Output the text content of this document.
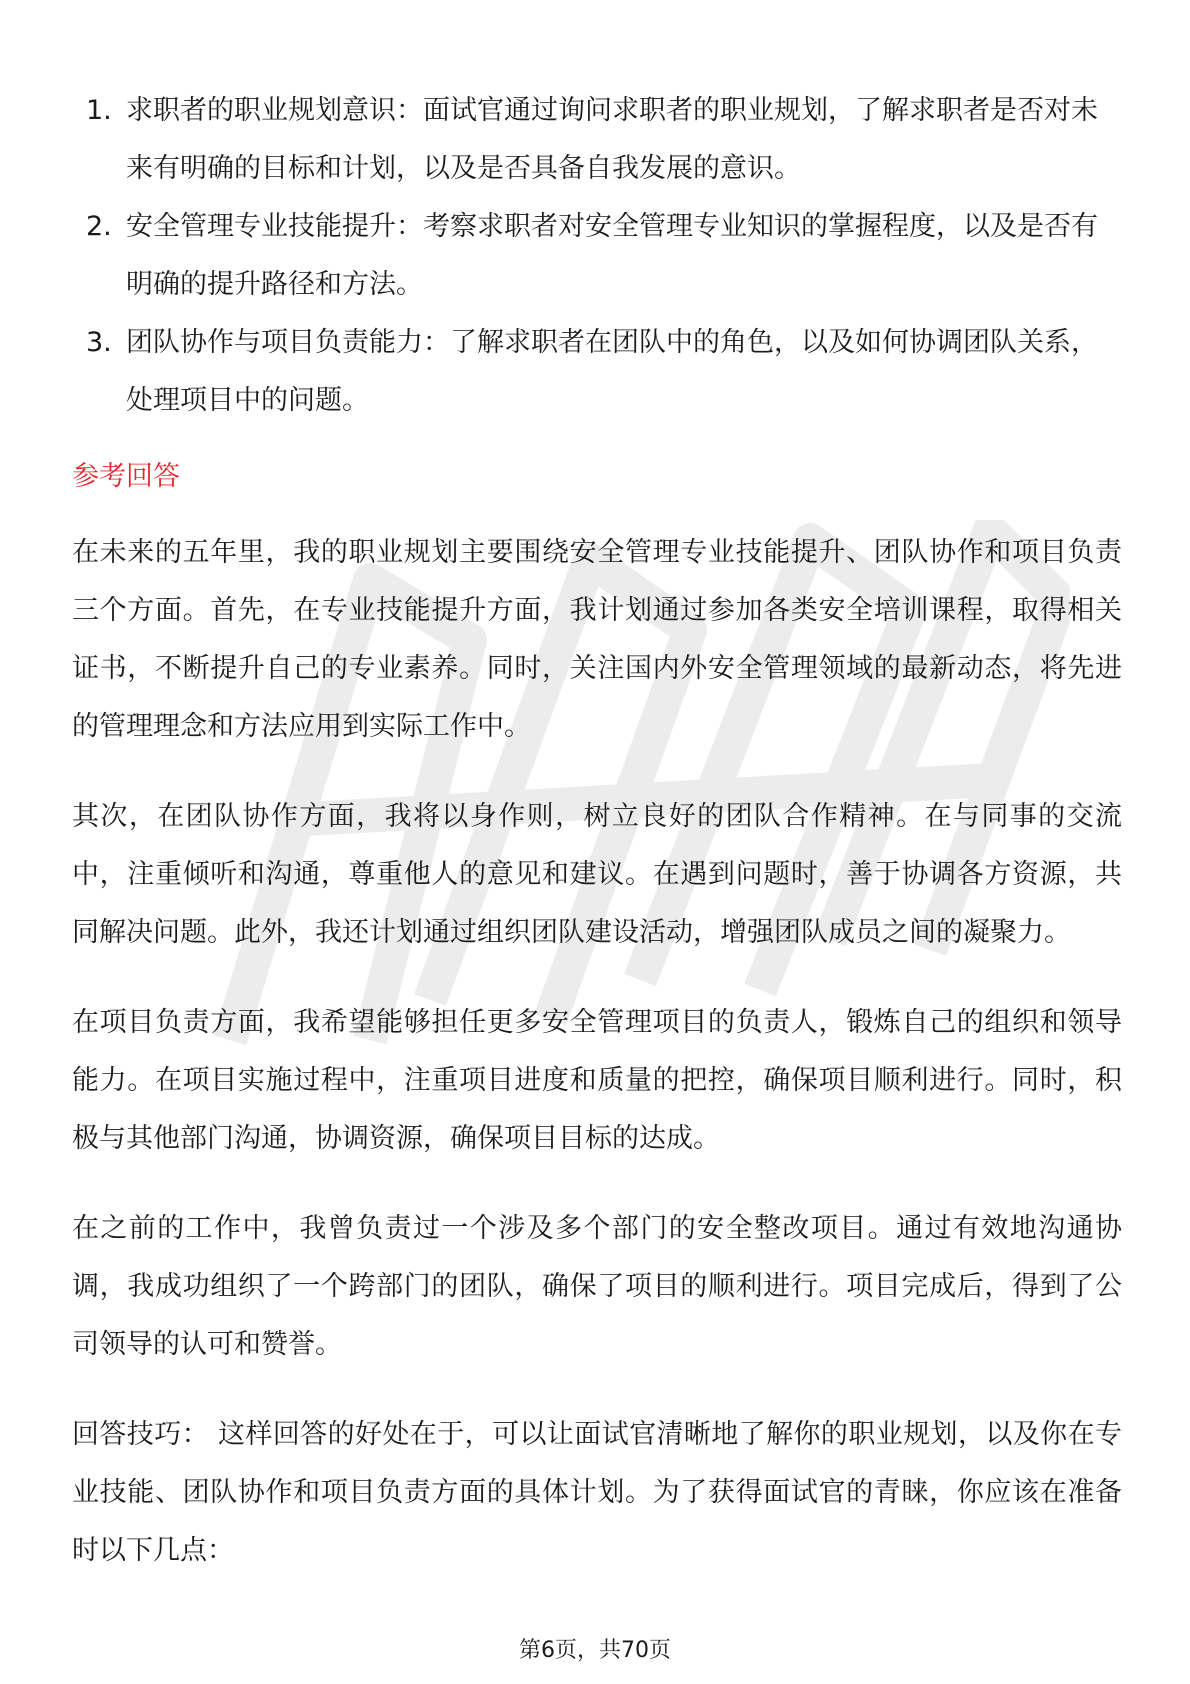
1. 求职者的职业规划意识：面试官通过询问求职者的职业规划，了解求职者是否对未来有明确的目标和计划，以及是否具备自我发展的意识。
2. 安全管理专业技能提升：考察求职者对安全管理专业知识的掌握程度，以及是否有明确的提升路径和方法。
3. 团队协作与项目负责能力：了解求职者在团队中的角色，以及如何协调团队关系，处理项目中的问题。
参考回答

在未来的五年里，我的职业规划主要围绕安全管理专业技能提升、团队协作和项目负责三个方面。首先，在专业技能提升方面，我计划通过参加各类安全培训课程，取得相关证书，不断提升自己的专业素养。同时，关注国内外安全管理领域的最新动态，将先进的管理理念和方法应用到实际工作中。

其次，在团队协作方面，我将以身作则，树立良好的团队合作精神。在与同事的交流中，注重倾听和沟通，尊重他人的意见和建议。在遇到问题时，善于协调各方资源，共同解决问题。此外，我还计划通过组织团队建设活动，增强团队成员之间的凝聚力。

在项目负责方面，我希望能够担任更多安全管理项目的负责人，锻炼自己的组织和领导能力。在项目实施过程中，注重项目进度和质量的把控，确保项目顺利进行。同时，积极与其他部门沟通，协调资源，确保项目目标的达成。

在之前的工作中，我曾负责过一个涉及多个部门的安全整改项目。通过有效地沟通协调，我成功组织了一个跨部门的团队，确保了项目的顺利进行。项目完成后，得到了公司领导的认可和赞誉。

回答技巧： 这样回答的好处在于，可以让面试官清晰地了解你的职业规划，以及你在专业技能、团队协作和项目负责方面的具体计划。为了获得面试官的青睐，你应该在准备时以下几点：

第6页，共70页
